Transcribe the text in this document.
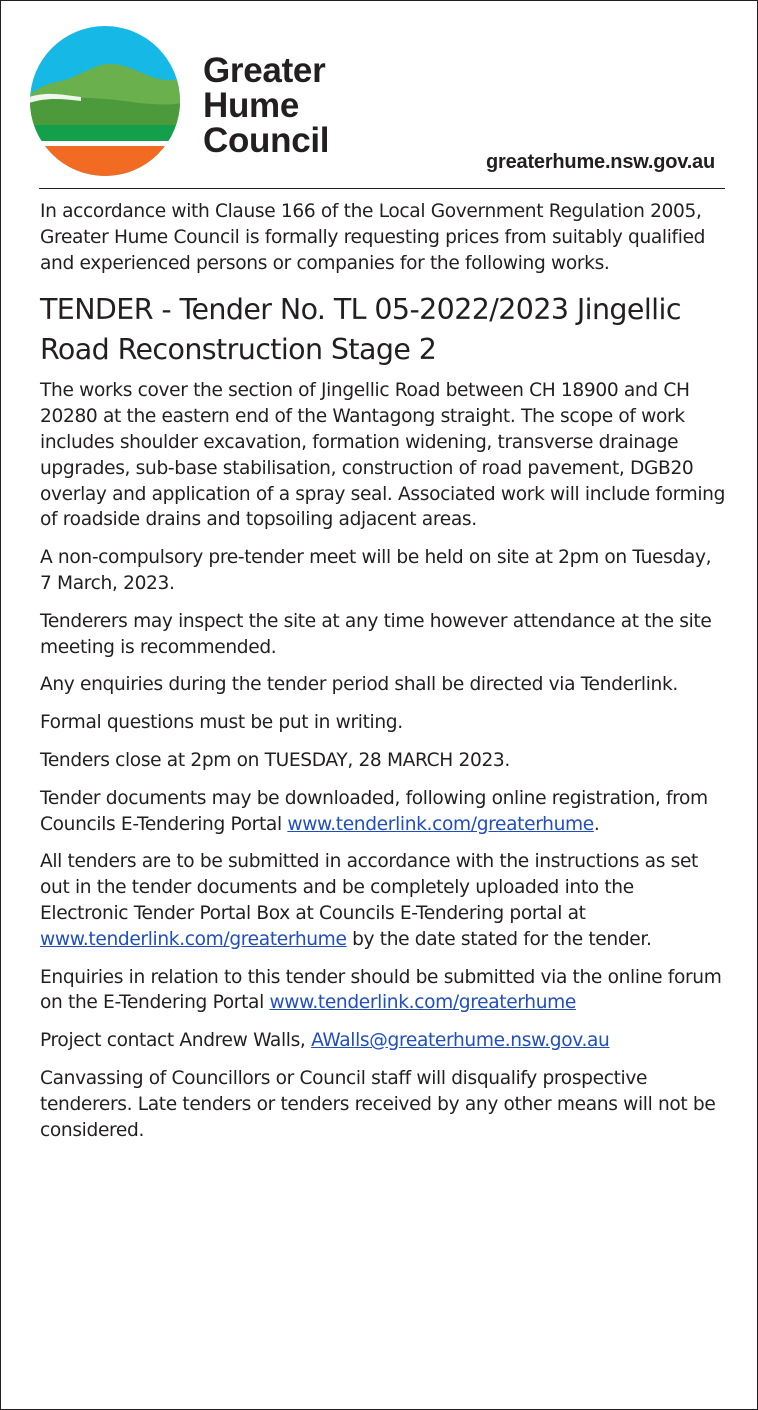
Greater
Hume
Council
greaterhume.nsw.gov.au

In accordance with Clause 166 of the Local Government Regulation 2005, Greater Hume Council is formally requesting prices from suitably qualified and experienced persons or companies for the following works.

TENDER - Tender No. TL 05-2022/2023 Jingellic Road Reconstruction Stage 2

The works cover the section of Jingellic Road between CH 18900 and CH 20280 at the eastern end of the Wantagong straight. The scope of work includes shoulder excavation, formation widening, transverse drainage upgrades, sub-base stabilisation, construction of road pavement, DGB20 overlay and application of a spray seal. Associated work will include forming of roadside drains and topsoiling adjacent areas.

A non-compulsory pre-tender meet will be held on site at 2pm on Tuesday, 7 March, 2023.

Tenderers may inspect the site at any time however attendance at the site meeting is recommended.

Any enquiries during the tender period shall be directed via Tenderlink.

Formal questions must be put in writing.

Tenders close at 2pm on TUESDAY, 28 MARCH 2023.

Tender documents may be downloaded, following online registration, from Councils E-Tendering Portal www.tenderlink.com/greaterhume.

All tenders are to be submitted in accordance with the instructions as set out in the tender documents and be completely uploaded into the Electronic Tender Portal Box at Councils E-Tendering portal at www.tenderlink.com/greaterhume by the date stated for the tender.

Enquiries in relation to this tender should be submitted via the online forum on the E-Tendering Portal www.tenderlink.com/greaterhume

Project contact Andrew Walls, AWalls@greaterhume.nsw.gov.au

Canvassing of Councillors or Council staff will disqualify prospective tenderers. Late tenders or tenders received by any other means will not be considered.
